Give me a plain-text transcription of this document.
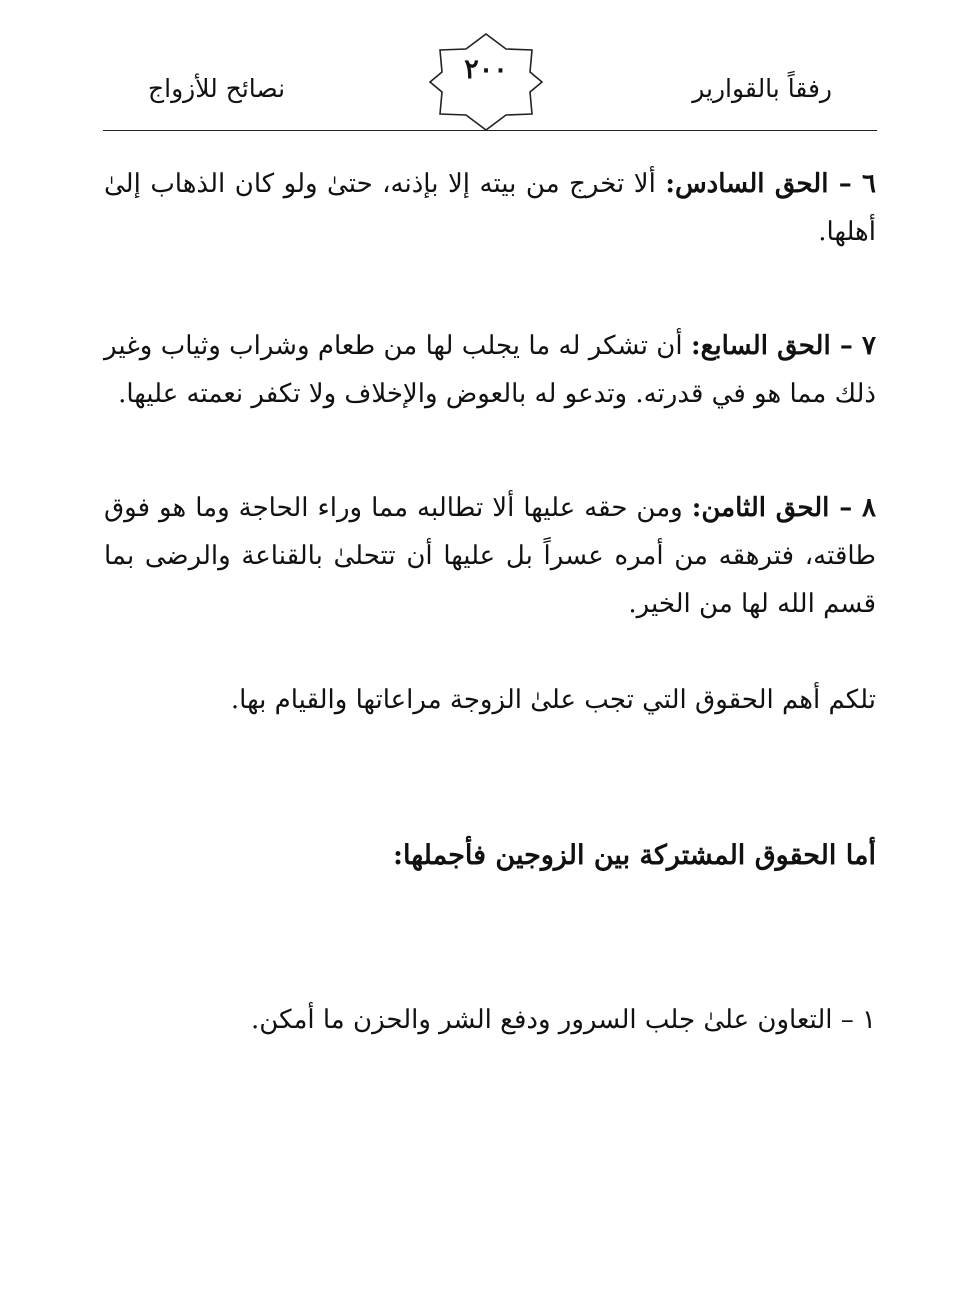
رفقاً بالقوارير
٢٠٠
نصائح للأزواج

٦ – الحق السادس: ألا تخرج من بيته إلا بإذنه، حتىٰ ولو كان الذهاب إلىٰ أهلها.

٧ – الحق السابع: أن تشكر له ما يجلب لها من طعام وشراب وثياب وغير ذلك مما هو في قدرته. وتدعو له بالعوض والإخلاف ولا تكفر نعمته عليها.

٨ – الحق الثامن: ومن حقه عليها ألا تطالبه مما وراء الحاجة وما هو فوق طاقته، فترهقه من أمره عسراً بل عليها أن تتحلىٰ بالقناعة والرضى بما قسم الله لها من الخير.

تلكم أهم الحقوق التي تجب علىٰ الزوجة مراعاتها والقيام بها.

أما الحقوق المشتركة بين الزوجين فأجملها:

١ – التعاون علىٰ جلب السرور ودفع الشر والحزن ما أمكن.
